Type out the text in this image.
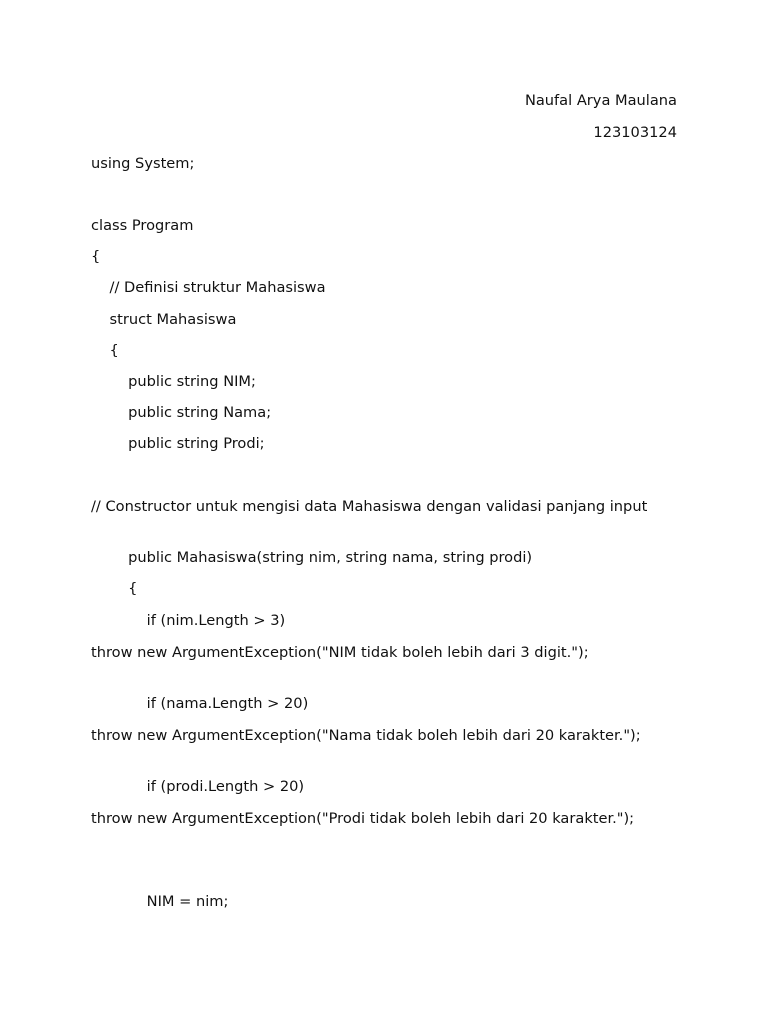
Naufal Arya Maulana
123103124
using System;
class Program
{
// Definisi struktur Mahasiswa
struct Mahasiswa
{
public string NIM;
public string Nama;
public string Prodi;
// Constructor untuk mengisi data Mahasiswa dengan validasi panjang input
public Mahasiswa(string nim, string nama, string prodi)
{
if (nim.Length > 3)
throw new ArgumentException("NIM tidak boleh lebih dari 3 digit.");
if (nama.Length > 20)
throw new ArgumentException("Nama tidak boleh lebih dari 20 karakter.");
if (prodi.Length > 20)
throw new ArgumentException("Prodi tidak boleh lebih dari 20 karakter.");
NIM = nim;
